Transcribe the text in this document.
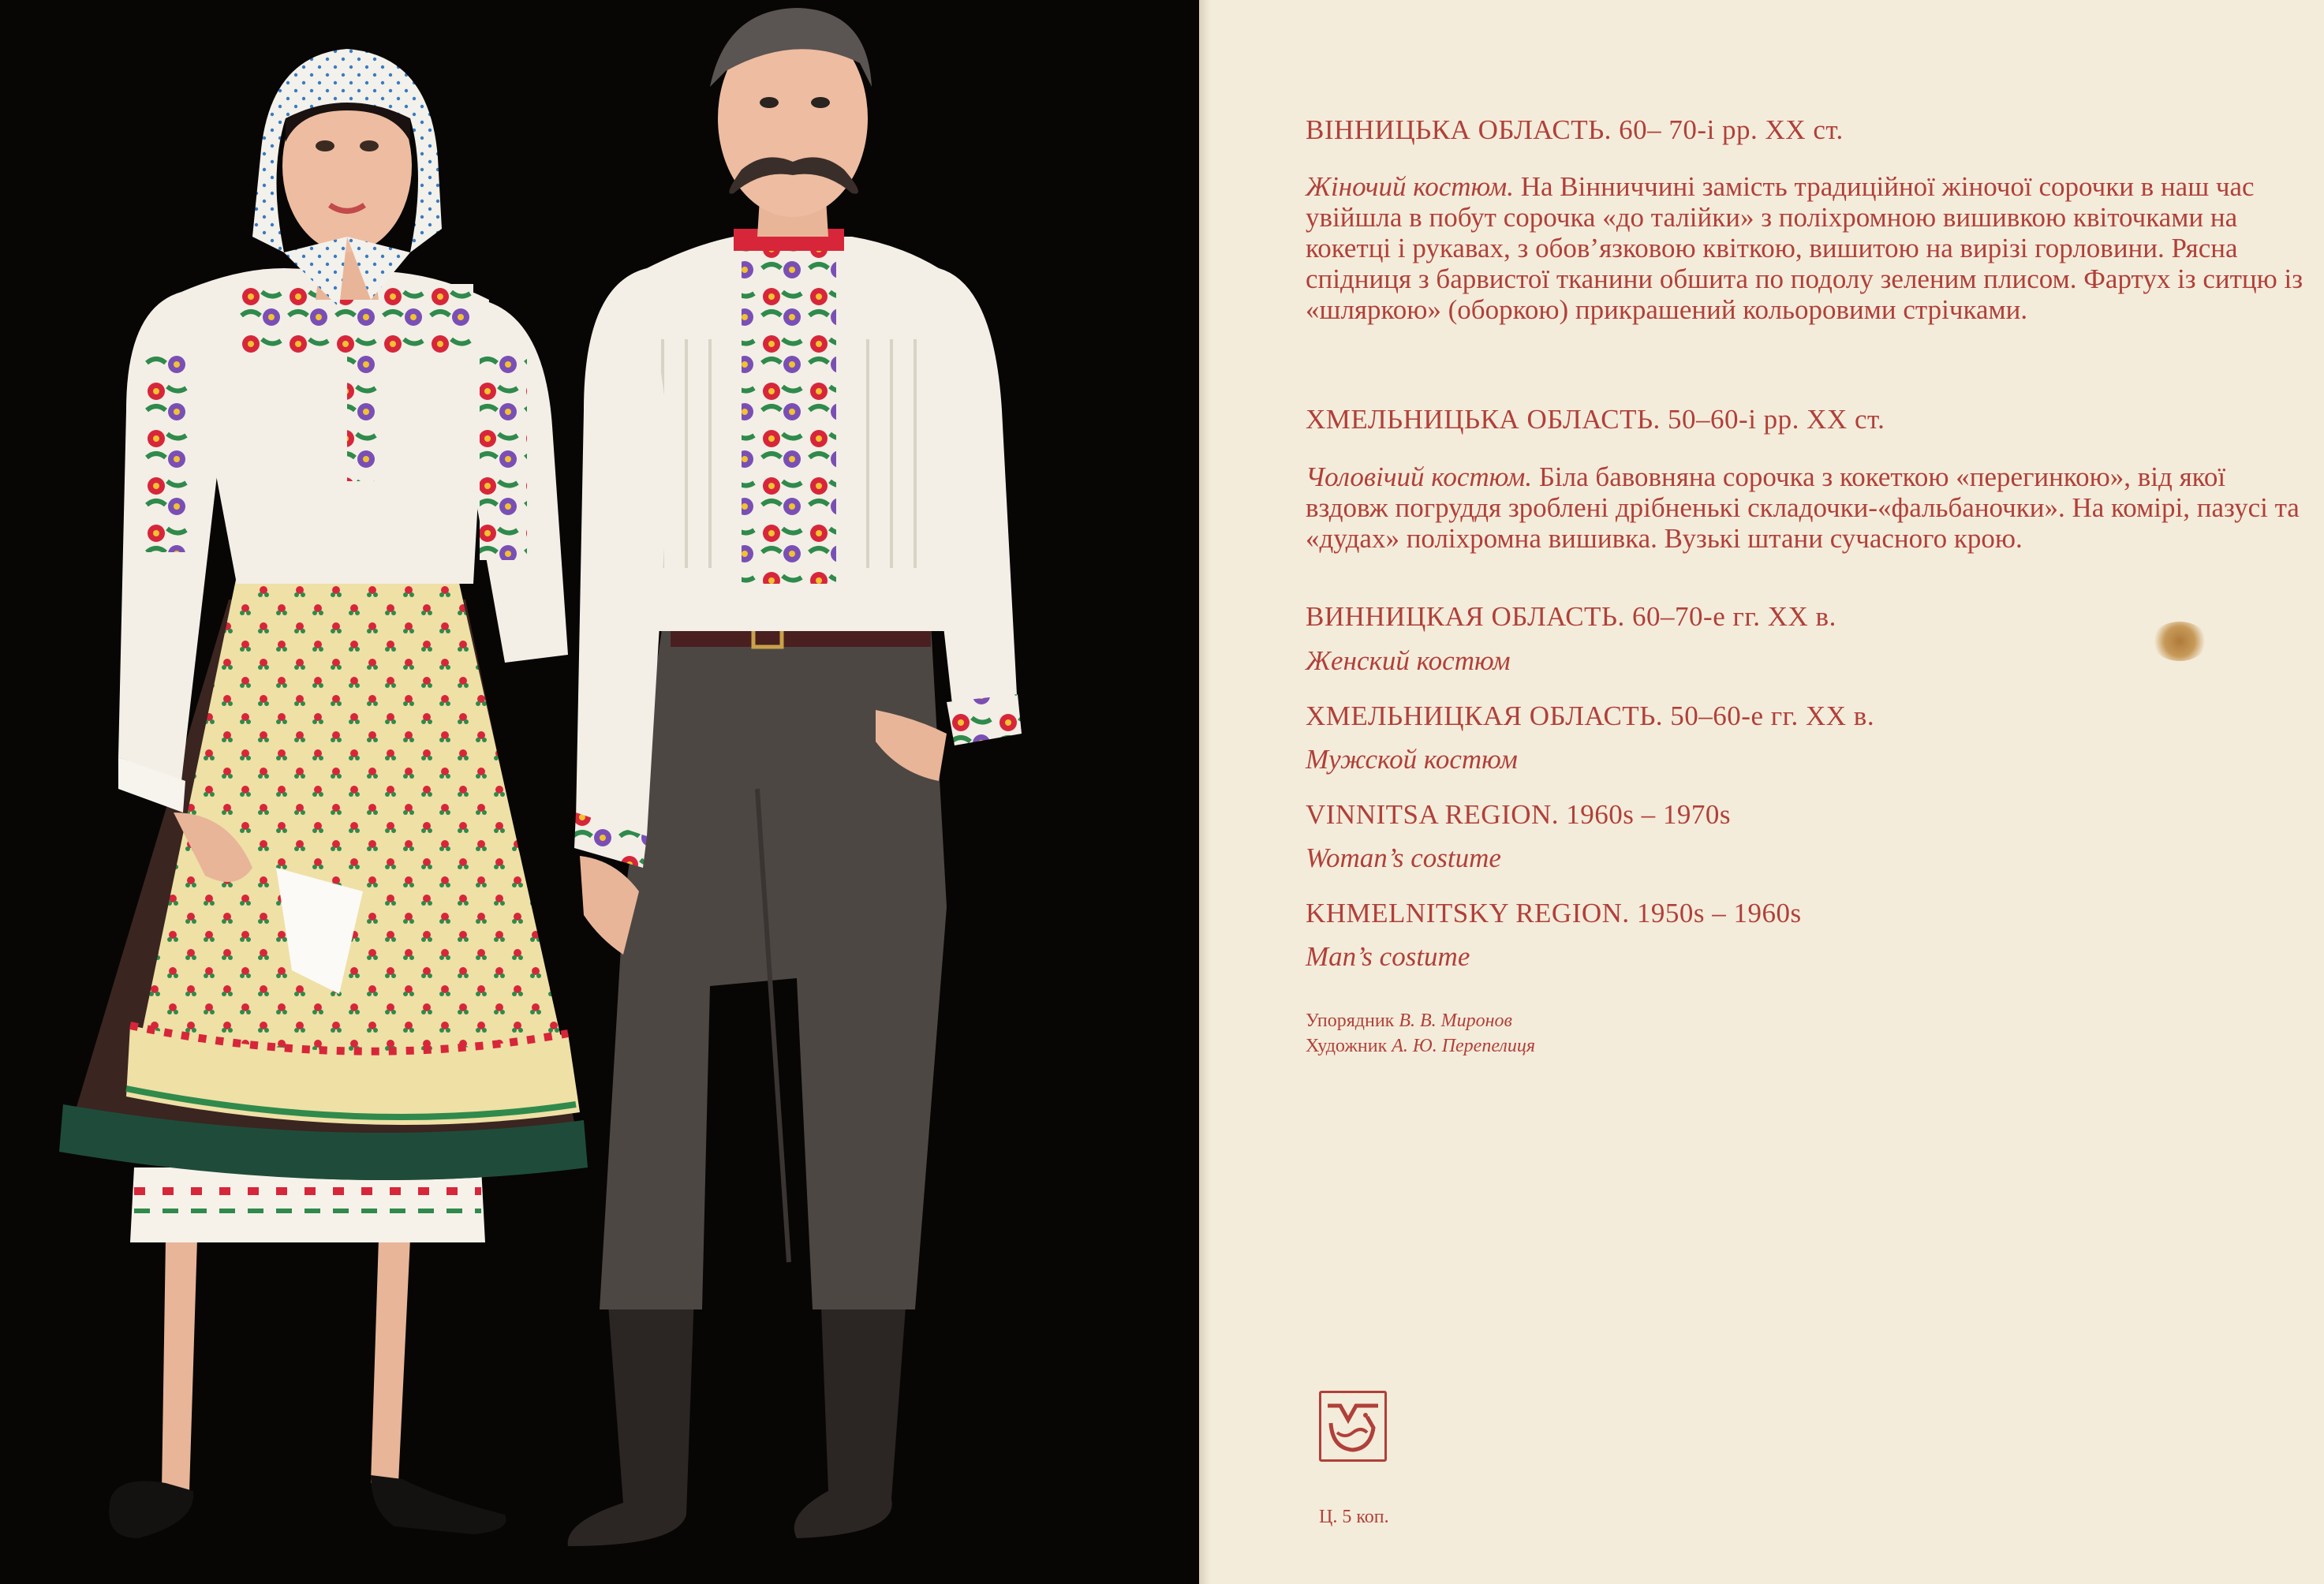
ВІННИЦЬКА ОБЛАСТЬ. 60– 70-і рр. XX ст.
Жіночий костюм. На Вінниччині замість традиційної жіночої сорочки в наш час увійшла в побут сорочка «до талійки» з поліхромною вишивкою квіточками на кокетці і рукавах, з обов’язковою квіткою, вишитою на вирізі горловини. Рясна спідниця з барвистої тканини обшита по подолу зеленим плисом. Фартух із ситцю із «шляркою» (оборкою) прикрашений кольоровими стрічками.
ХМЕЛЬНИЦЬКА ОБЛАСТЬ. 50–60-і рр. XX ст.
Чоловічий костюм. Біла бавовняна сорочка з кокеткою «перегинкою», від якої вздовж погруддя зроблені дрібненькі складочки-«фальбаночки». На комірі, пазусі та «дудах» поліхромна вишивка. Вузькі штани сучасного крою.
ВИННИЦКАЯ ОБЛАСТЬ. 60–70-е гг. XX в.
Женский костюм
ХМЕЛЬНИЦКАЯ ОБЛАСТЬ. 50–60-е гг. XX в.
Мужской костюм
VINNITSA REGION. 1960s – 1970s
Woman’s costume
KHMELNITSKY REGION. 1950s – 1960s
Man’s costume
Упорядник В. В. Миронов
Художник А. Ю. Перепелиця
Ц. 5 коп.
